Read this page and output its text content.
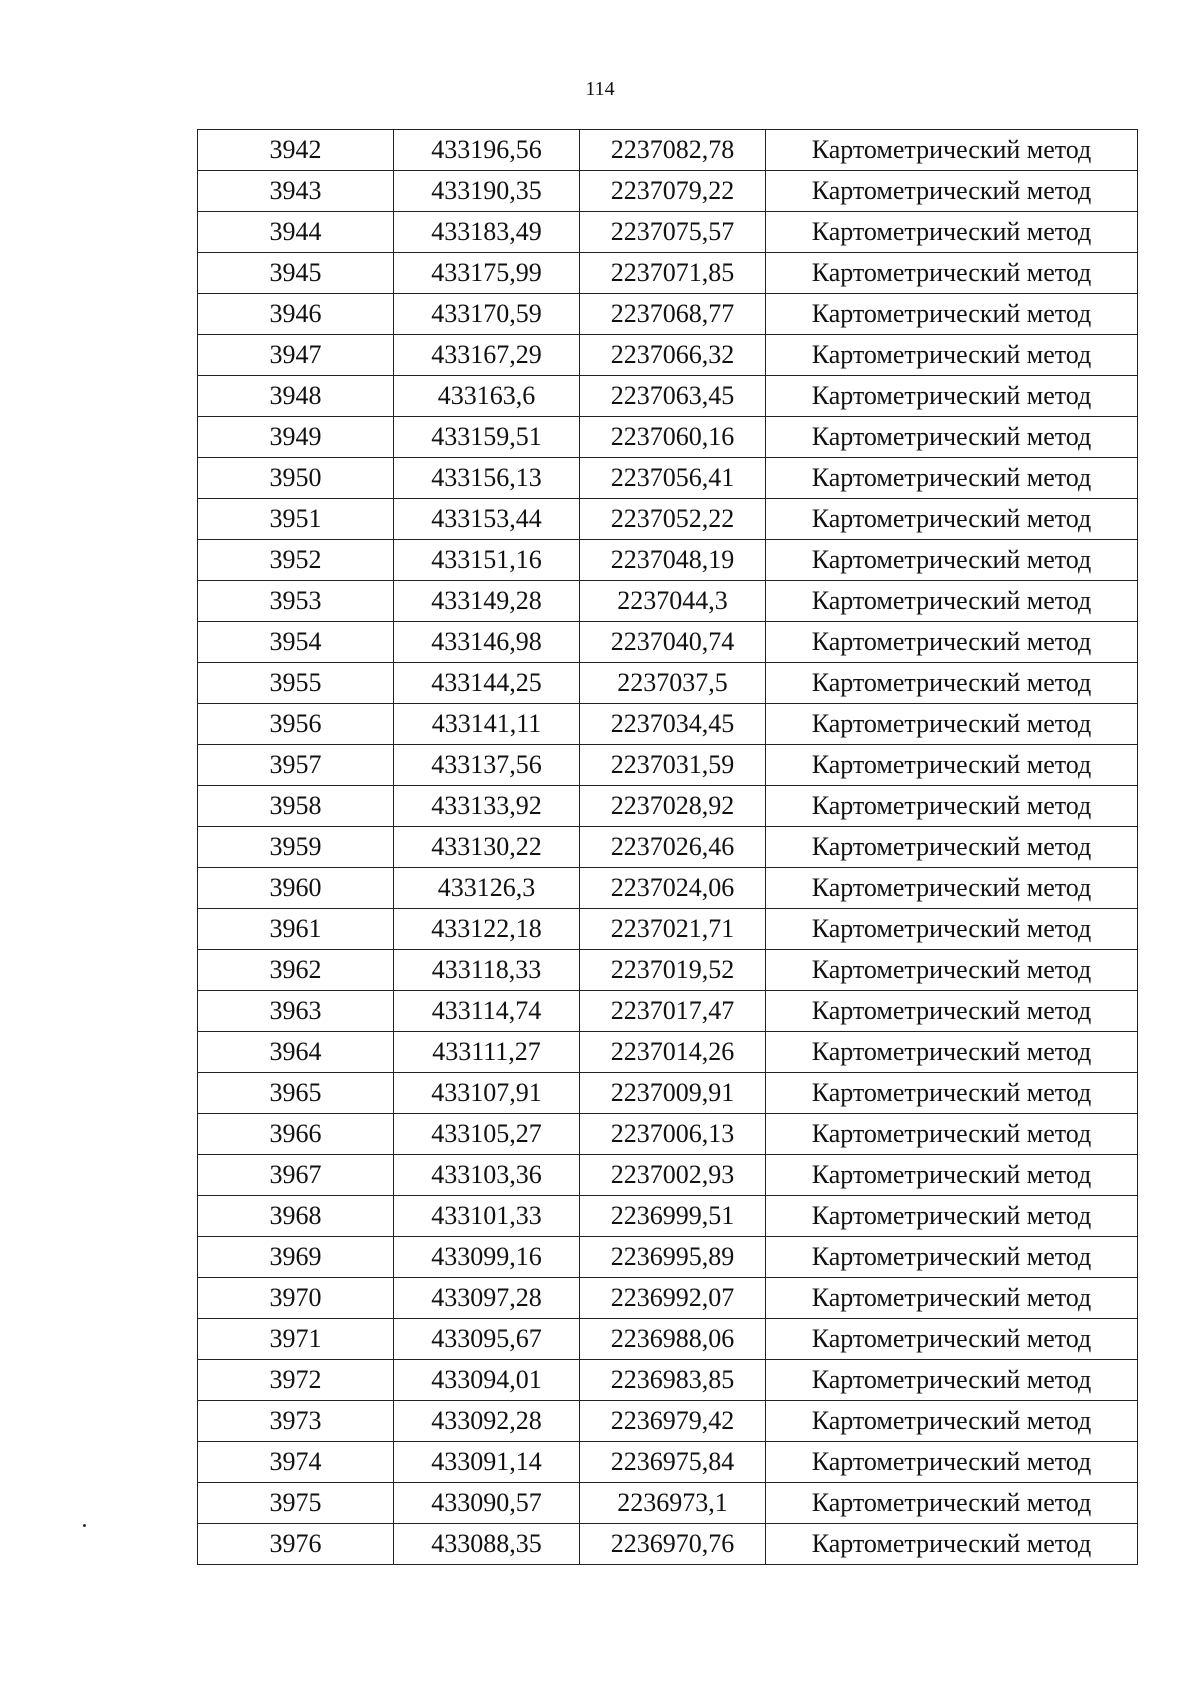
114
3942	433196,56	2237082,78	Картометрический метод
3943	433190,35	2237079,22	Картометрический метод
3944	433183,49	2237075,57	Картометрический метод
3945	433175,99	2237071,85	Картометрический метод
3946	433170,59	2237068,77	Картометрический метод
3947	433167,29	2237066,32	Картометрический метод
3948	433163,6	2237063,45	Картометрический метод
3949	433159,51	2237060,16	Картометрический метод
3950	433156,13	2237056,41	Картометрический метод
3951	433153,44	2237052,22	Картометрический метод
3952	433151,16	2237048,19	Картометрический метод
3953	433149,28	2237044,3	Картометрический метод
3954	433146,98	2237040,74	Картометрический метод
3955	433144,25	2237037,5	Картометрический метод
3956	433141,11	2237034,45	Картометрический метод
3957	433137,56	2237031,59	Картометрический метод
3958	433133,92	2237028,92	Картометрический метод
3959	433130,22	2237026,46	Картометрический метод
3960	433126,3	2237024,06	Картометрический метод
3961	433122,18	2237021,71	Картометрический метод
3962	433118,33	2237019,52	Картометрический метод
3963	433114,74	2237017,47	Картометрический метод
3964	433111,27	2237014,26	Картометрический метод
3965	433107,91	2237009,91	Картометрический метод
3966	433105,27	2237006,13	Картометрический метод
3967	433103,36	2237002,93	Картометрический метод
3968	433101,33	2236999,51	Картометрический метод
3969	433099,16	2236995,89	Картометрический метод
3970	433097,28	2236992,07	Картометрический метод
3971	433095,67	2236988,06	Картометрический метод
3972	433094,01	2236983,85	Картометрический метод
3973	433092,28	2236979,42	Картометрический метод
3974	433091,14	2236975,84	Картометрический метод
3975	433090,57	2236973,1	Картометрический метод
3976	433088,35	2236970,76	Картометрический метод
